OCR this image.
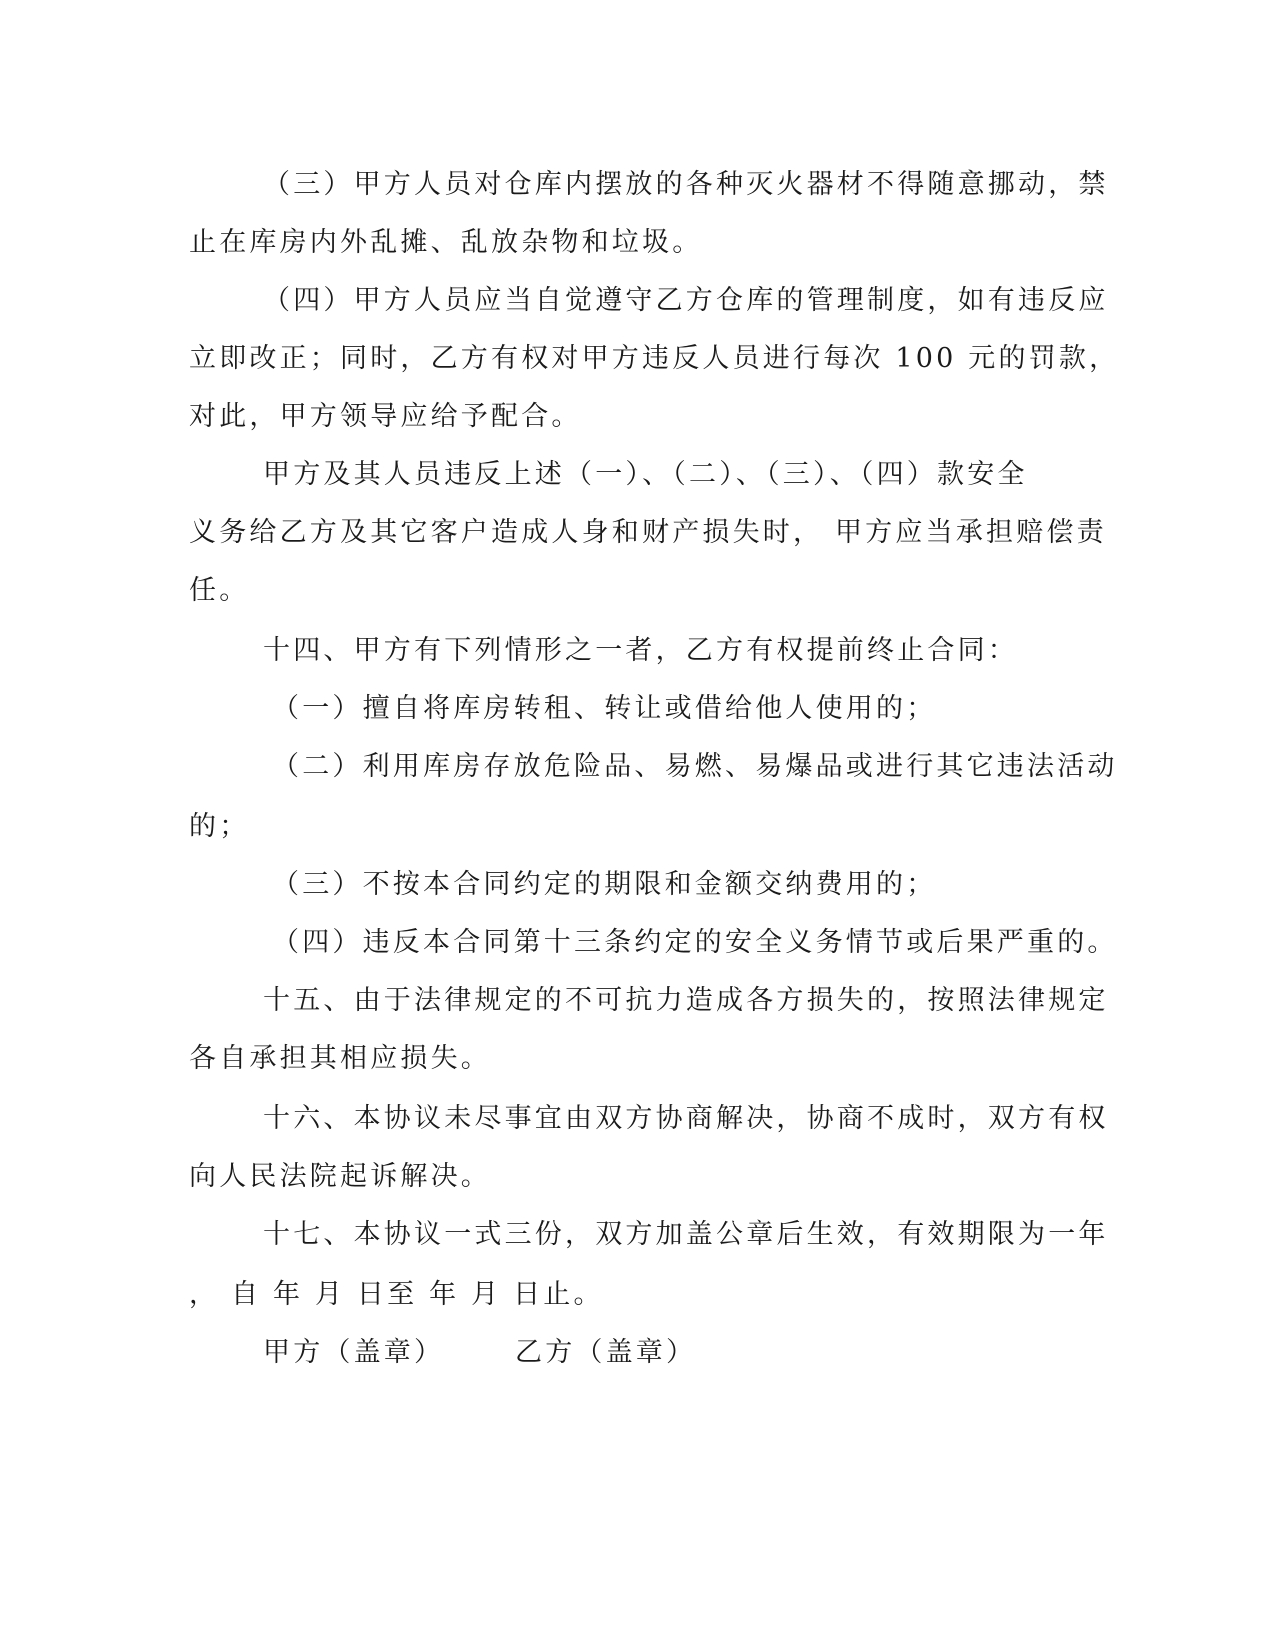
（三）甲方人员对仓库内摆放的各种灭火器材不得随意挪动，禁
止在库房内外乱摊、乱放杂物和垃圾。
（四）甲方人员应当自觉遵守乙方仓库的管理制度，如有违反应
立即改正；同时，乙方有权对甲方违反人员进行每次 100 元的罚款，
对此，甲方领导应给予配合。
甲方及其人员违反上述（一）、（二）、（三）、（四）款安全
义务给乙方及其它客户造成人身和财产损失时， 甲方应当承担赔偿责
任。
十四、甲方有下列情形之一者，乙方有权提前终止合同：
（一）擅自将库房转租、转让或借给他人使用的；
（二）利用库房存放危险品、易燃、易爆品或进行其它违法活动
的；
（三）不按本合同约定的期限和金额交纳费用的；
（四）违反本合同第十三条约定的安全义务情节或后果严重的。
十五、由于法律规定的不可抗力造成各方损失的，按照法律规定
各自承担其相应损失。
十六、本协议未尽事宜由双方协商解决，协商不成时，双方有权
向人民法院起诉解决。
十七、本协议一式三份，双方加盖公章后生效，有效期限为一年
， 自 年 月 日至 年 月 日止。
甲方（盖章）	乙方（盖章）
